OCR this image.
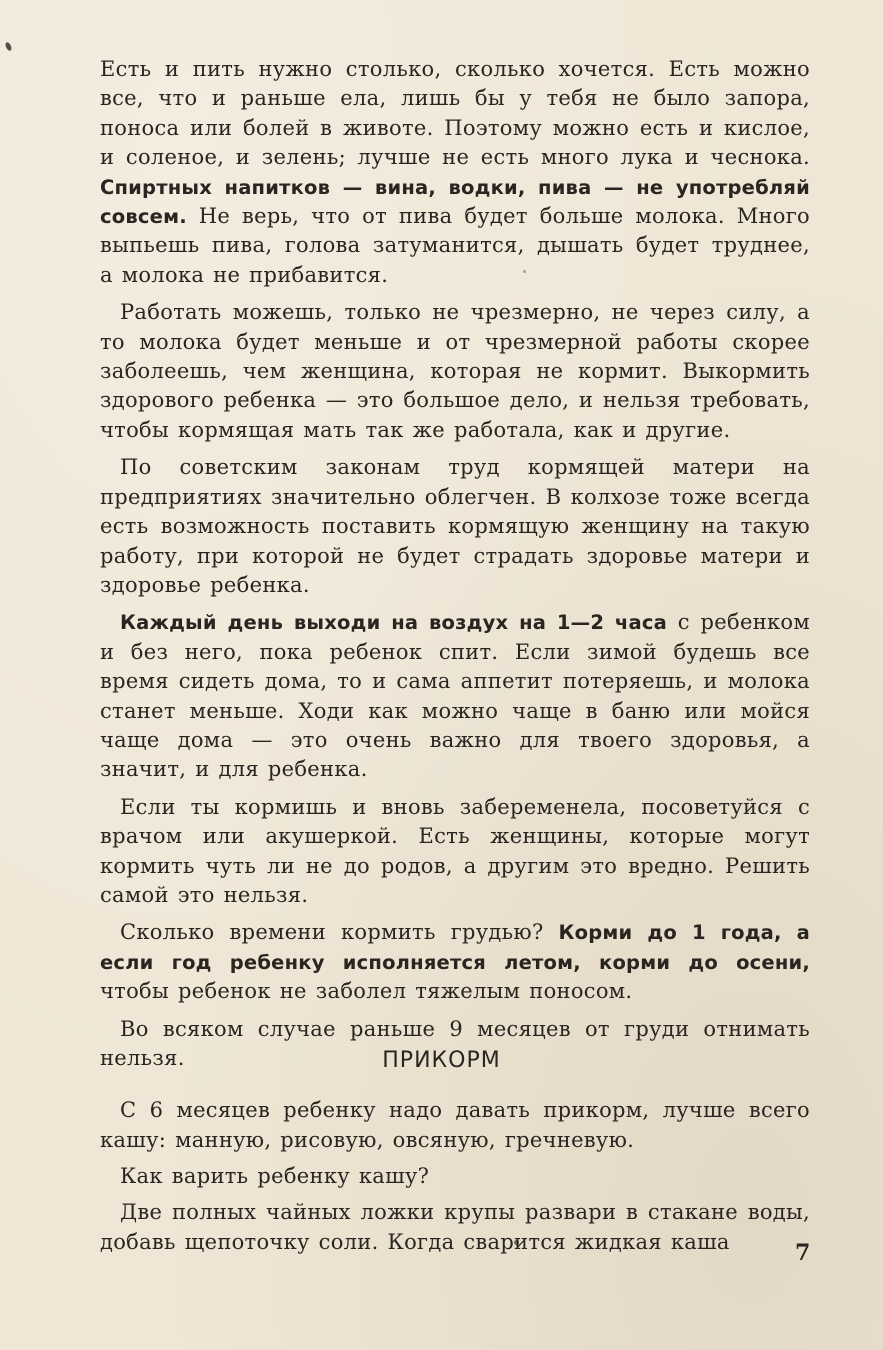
Есть и пить нужно столько, сколько хочется. Есть можно все, что и раньше ела, лишь бы у тебя не было запора, поноса или болей в животе. Поэтому можно есть и кислое, и соленое, и зелень; лучше не есть много лука и чеснока. Спиртных напитков — вина, водки, пива — не употребляй совсем. Не верь, что от пива будет больше молока. Много выпьешь пива, голова затуманится, дышать будет труднее, а молока не прибавится.

Работать можешь, только не чрезмерно, не через силу, а то молока будет меньше и от чрезмерной работы скорее заболеешь, чем женщина, которая не кормит. Выкормить здорового ребенка — это большое дело, и нельзя требовать, чтобы кормящая мать так же работала, как и другие.

По советским законам труд кормящей матери на предприятиях значительно облегчен. В колхозе тоже всегда есть возможность поставить кормящую женщину на такую работу, при которой не будет страдать здоровье матери и здоровье ребенка.

Каждый день выходи на воздух на 1—2 часа с ребенком и без него, пока ребенок спит. Если зимой будешь все время сидеть дома, то и сама аппетит потеряешь, и молока станет меньше. Ходи как можно чаще в баню или мойся чаще дома — это очень важно для твоего здоровья, а значит, и для ребенка.

Если ты кормишь и вновь забеременела, посоветуйся с врачом или акушеркой. Есть женщины, которые могут кормить чуть ли не до родов, а другим это вредно. Решить самой это нельзя.

Сколько времени кормить грудью? Корми до 1 года, а если год ребенку исполняется летом, корми до осени, чтобы ребенок не заболел тяжелым поносом.

Во всяком случае раньше 9 месяцев от груди отнимать нельзя.	ПРИКОРМ

С 6 месяцев ребенку надо давать прикорм, лучше всего кашу: манную, рисовую, овсяную, гречневую.

Как варить ребенку кашу?

Две полных чайных ложки крупы развари в стакане воды, добавь щепоточку соли. Когда сварится жидкая каша	7
